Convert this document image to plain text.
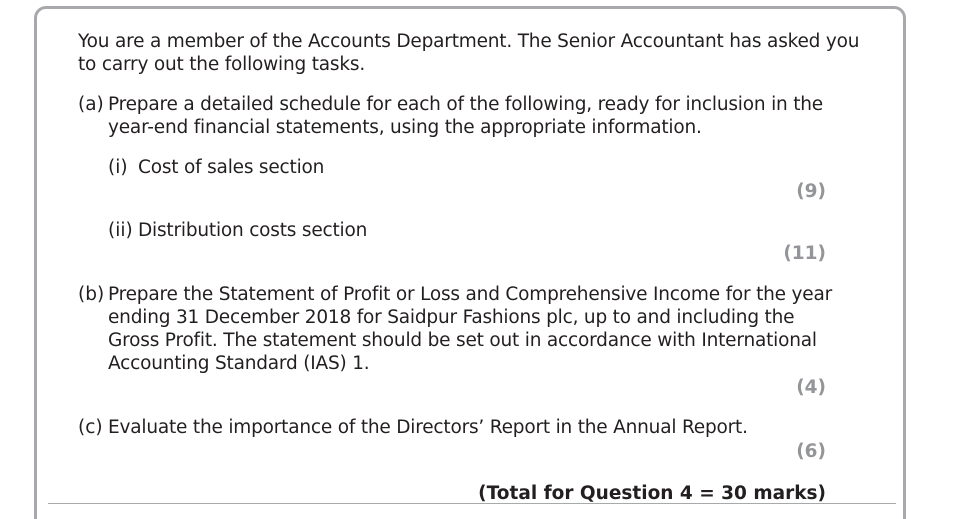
You are a member of the Accounts Department. The Senior Accountant has asked you
to carry out the following tasks.
(a) Prepare a detailed schedule for each of the following, ready for inclusion in the
year-end financial statements, using the appropriate information.
(i) Cost of sales section
(9)
(ii) Distribution costs section
(11)
(b) Prepare the Statement of Profit or Loss and Comprehensive Income for the year
ending 31 December 2018 for Saidpur Fashions plc, up to and including the
Gross Profit. The statement should be set out in accordance with International
Accounting Standard (IAS) 1.
(4)
(c) Evaluate the importance of the Directors’ Report in the Annual Report.
(6)
(Total for Question 4 = 30 marks)
